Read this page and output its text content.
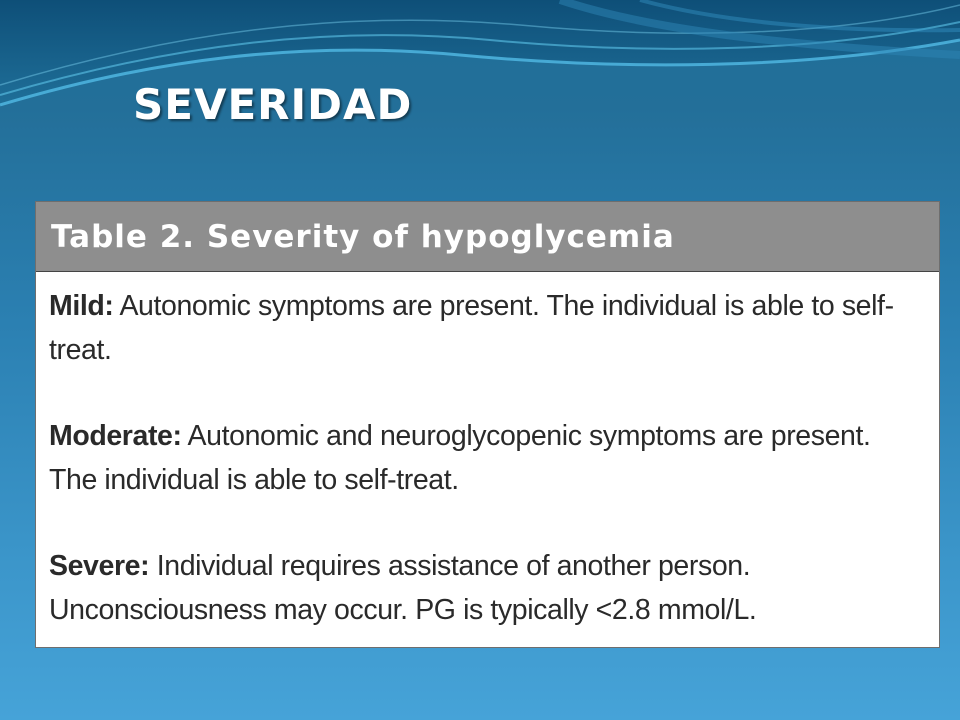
SEVERIDAD
Table 2. Severity of hypoglycemia

Mild: Autonomic symptoms are present. The individual is able to self-treat.

Moderate: Autonomic and neuroglycopenic symptoms are present. The individual is able to self-treat.

Severe: Individual requires assistance of another person. Unconsciousness may occur. PG is typically <2.8 mmol/L.
